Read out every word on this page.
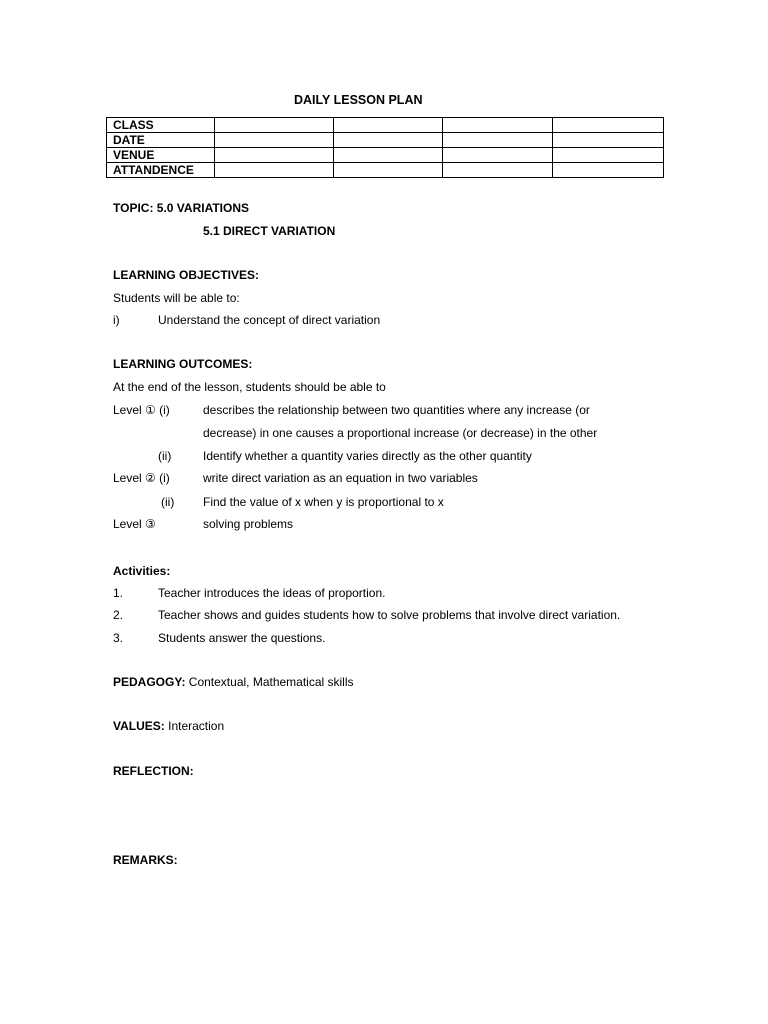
DAILY LESSON PLAN
CLASS				
DATE				
VENUE				
ATTANDENCE				
TOPIC: 5.0 VARIATIONS
5.1 DIRECT VARIATION
LEARNING OBJECTIVES:
Students will be able to:
i)	Understand the concept of direct variation
LEARNING OUTCOMES:
At the end of the lesson, students should be able to
Level ① (i)	describes the relationship between two quantities where any increase (or
decrease) in one causes a proportional increase (or decrease) in the other
(ii)	Identify whether a quantity varies directly as the other quantity
Level ② (i)	write direct variation as an equation in two variables
(ii) Find the value of x when y is proportional to x
Level ③	solving problems
Activities:
1.	Teacher introduces the ideas of proportion.
2.	Teacher shows and guides students how to solve problems that involve direct variation.
3.	Students answer the questions.
PEDAGOGY: Contextual, Mathematical skills
VALUES: Interaction
REFLECTION:
REMARKS:
